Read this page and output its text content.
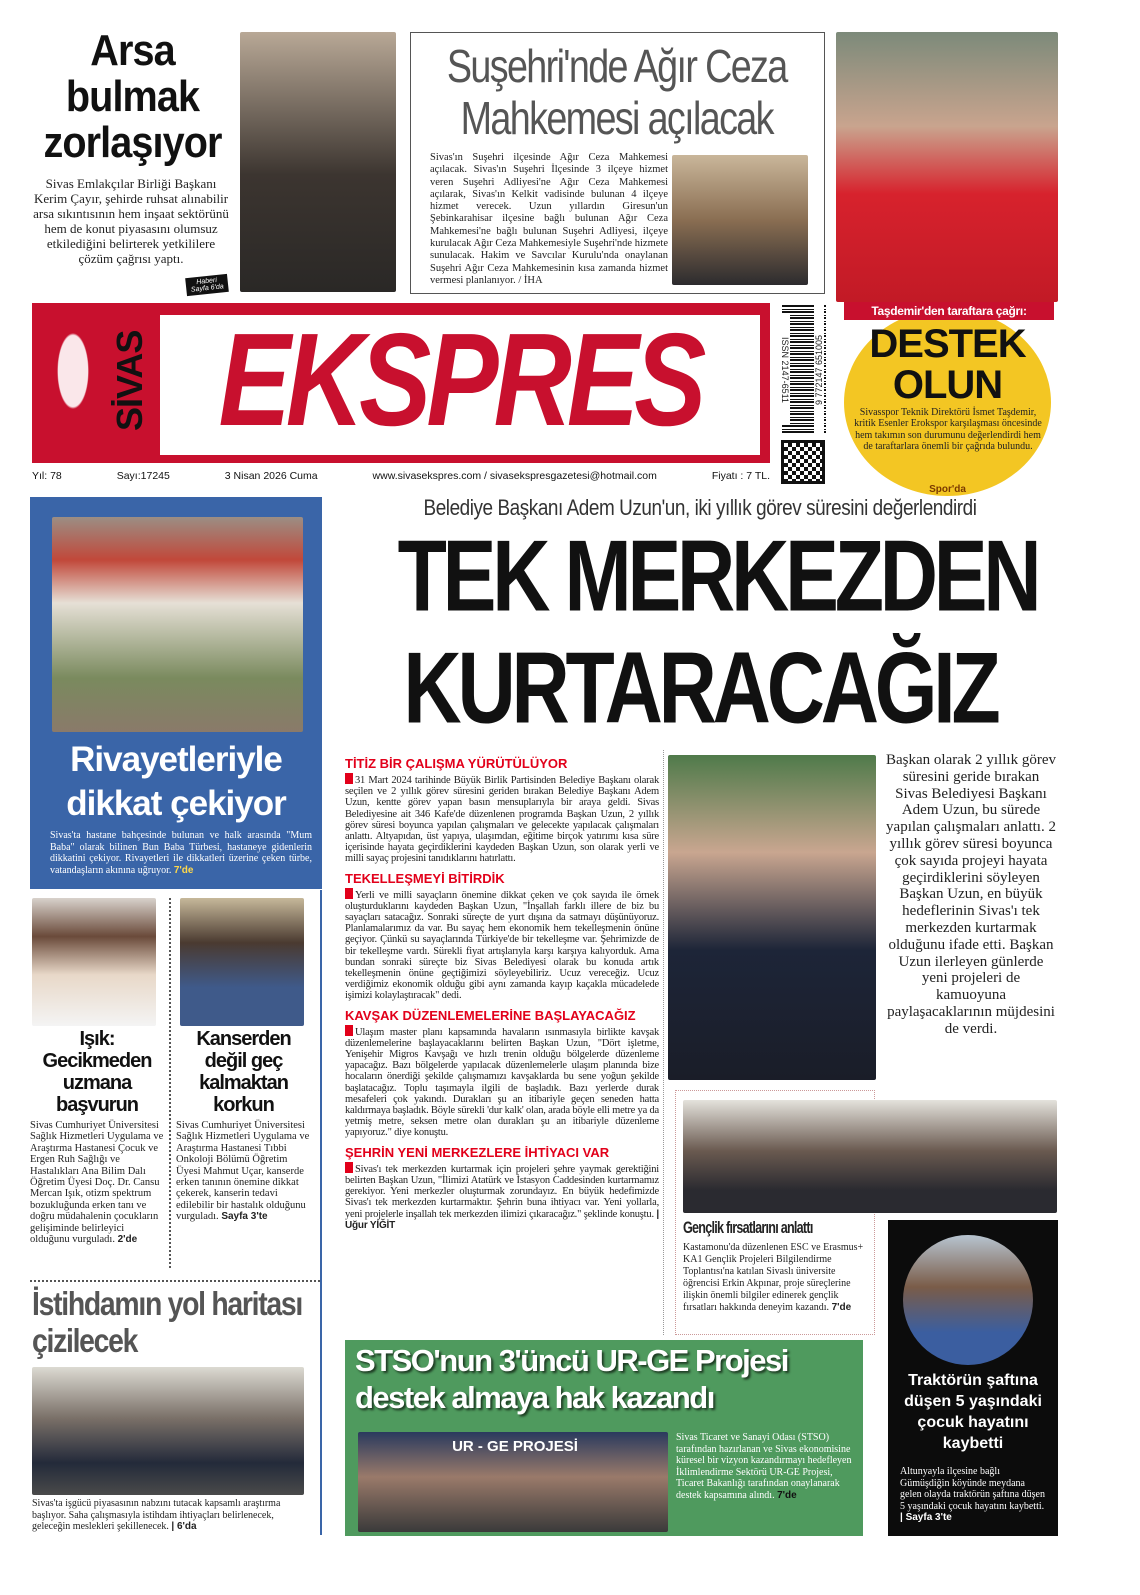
Arsa bulmak zorlaşıyor
Sivas Emlakçılar Birliği Başkanı Kerim Çayır, şehirde ruhsat alınabilir arsa sıkıntısının hem inşaat sektörünü hem de konut piyasasını olumsuz etkilediğini belirterek yetkililere çözüm çağrısı yaptı.
Haberi Sayfa 6'da
Suşehri'nde Ağır Ceza Mahkemesi açılacak
Sivas'ın Suşehri ilçesinde Ağır Ceza Mahkemesi açılacak. Sivas'ın Suşehri İlçesinde 3 ilçeye hizmet veren Suşehri Adliyesi'ne Ağır Ceza Mahkemesi açılarak, Sivas'ın Kelkit vadisinde bulunan 4 ilçeye hizmet verecek. Uzun yıllardın Giresun'un Şebinkarahisar ilçesine bağlı bulunan Ağır Ceza Mahkemesi'ne bağlı bulunan Suşehri Adliyesi, ilçeye kurulacak Ağır Ceza Mahkemesiyle Suşehri'nde hizmete sunulacak. Hakim ve Savcılar Kurulu'nda onaylanan Suşehri Ağır Ceza Mahkemesinin kısa zamanda hizmet vermesi planlanıyor. / İHA
Taşdemir'den taraftara çağrı:
DESTEK
OLUN
Sivasspor Teknik Direktörü İsmet Taşdemir, kritik Esenler Erokspor karşılaşması öncesinde hem takımın son durumunu değerlendirdi hem de taraftarlara önemli bir çağrıda bulundu.
Spor'da
SİVAS EKSPRES	ISSN 2147-6511	9 772147 651005
Yıl: 78	Sayı:17245	3 Nisan 2026 Cuma	www.sivasekspres.com / sivasekspresgazetesi@hotmail.com	Fiyatı : 7 TL.
Rivayetleriyle dikkat çekiyor
Sivas'ta hastane bahçesinde bulunan ve halk arasında "Mum Baba" olarak bilinen Bun Baba Türbesi, hastaneye gidenlerin dikkatini çekiyor. Rivayetleri ile dikkatleri üzerine çeken türbe, vatandaşların akınına uğruyor. 7'de
Işık: Gecikmeden uzmana başvurun
Sivas Cumhuriyet Üniversitesi Sağlık Hizmetleri Uygulama ve Araştırma Hastanesi Çocuk ve Ergen Ruh Sağlığı ve Hastalıkları Ana Bilim Dalı Öğretim Üyesi Doç. Dr. Cansu Mercan Işık, otizm spektrum bozukluğunda erken tanı ve doğru müdahalenin çocukların gelişiminde belirleyici olduğunu vurguladı. 2'de
Kanserden değil geç kalmaktan korkun
Sivas Cumhuriyet Üniversitesi Sağlık Hizmetleri Uygulama ve Araştırma Hastanesi Tıbbi Onkoloji Bölümü Öğretim Üyesi Mahmut Uçar, kanserde erken tanının önemine dikkat çekerek, kanserin tedavi edilebilir bir hastalık olduğunu vurguladı. Sayfa 3'te
İstihdamın yol haritası çizilecek
Sivas'ta işgücü piyasasının nabzını tutacak kapsamlı araştırma başlıyor. Saha çalışmasıyla istihdam ihtiyaçları belirlenecek, geleceğin meslekleri şekillenecek. | 6'da
Belediye Başkanı Adem Uzun'un, iki yıllık görev süresini değerlendirdi
TEK MERKEZDEN
KURTARACAĞIZ
TİTİZ BİR ÇALIŞMA YÜRÜTÜLÜYOR
31 Mart 2024 tarihinde Büyük Birlik Partisinden Belediye Başkanı olarak seçilen ve 2 yıllık görev süresini geriden bırakan Belediye Başkanı Adem Uzun, kentte görev yapan basın mensuplarıyla bir araya geldi. Sivas Belediyesine ait 346 Kafe'de düzenlenen programda Başkan Uzun, 2 yıllık görev süresi boyunca yapılan çalışmaları ve gelecekte yapılacak çalışmaları anlattı. Altyapıdan, üst yapıya, ulaşımdan, eğitime birçok yatırımı kısa süre içerisinde hayata geçirdiklerini kaydeden Başkan Uzun, son olarak yerli ve milli sayaç projesini tanıdıklarını hatırlattı.
TEKELLEŞMEYİ BİTİRDİK
Yerli ve milli sayaçların önemine dikkat çeken ve çok sayıda ile örnek oluşturduklarını kaydeden Başkan Uzun, "İnşallah farklı illere de biz bu sayaçları satacağız. Sonraki süreçte de yurt dışına da satmayı düşünüyoruz. Planlamalarımız da var. Bu sayaç hem ekonomik hem tekelleşmenin önüne geçiyor. Çünkü su sayaçlarında Türkiye'de bir tekelleşme var. Şehrimizde de bir tekelleşme vardı. Sürekli fiyat artışlarıyla karşı karşıya kalıyorduk. Ama bundan sonraki süreçte biz Sivas Belediyesi olarak bu konuda artık tekelleşmenin önüne geçtiğimizi söyleyebiliriz. Ucuz vereceğiz. Ucuz verdiğimiz ekonomik olduğu gibi aynı zamanda kayıp kaçakla mücadelede işimizi kolaylaştıracak" dedi.
KAVŞAK DÜZENLEMELERİNE BAŞLAYACAĞIZ
Ulaşım master planı kapsamında havaların ısınmasıyla birlikte kavşak düzenlemelerine başlayacaklarını belirten Başkan Uzun, "Dört işletme, Yenişehir Migros Kavşağı ve hızlı trenin olduğu bölgelerde düzenleme yapacağız. Bazı bölgelerde yapılacak düzenlemelerle ulaşım planında bize hocaların önerdiği şekilde çalışmamızı kavşaklarda bu sene yoğun şekilde başlatacağız. Toplu taşımayla ilgili de başladık. Bazı yerlerde durak mesafeleri çok yakındı. Durakları şu an itibariyle geçen seneden hatta kaldırmaya başladık. Böyle sürekli 'dur kalk' olan, arada böyle elli metre ya da yetmiş metre, seksen metre olan durakları şu an itibariyle düzenleme yapıyoruz." diye konuştu.
ŞEHRİN YENİ MERKEZLERE İHTİYACI VAR
Sivas'ı tek merkezden kurtarmak için projeleri şehre yaymak gerektiğini belirten Başkan Uzun, "İlimizi Atatürk ve İstasyon Caddesinden kurtarmamız gerekiyor. Yeni merkezler oluşturmak zorundayız. En büyük hedefimizde Sivas'ı tek merkezden kurtarmaktır. Şehrin buna ihtiyacı var. Yeni yollarla, yeni projelerle inşallah tek merkezden ilimizi çıkaracağız." şeklinde konuştu. | Uğur YİĞİT
Başkan olarak 2 yıllık görev süresini geride bırakan Sivas Belediyesi Başkanı Adem Uzun, bu sürede yapılan çalışmaları anlattı. 2 yıllık görev süresi boyunca çok sayıda projeyi hayata geçirdiklerini söyleyen Başkan Uzun, en büyük hedeflerinin Sivas'ı tek merkezden kurtarmak olduğunu ifade etti. Başkan Uzun ilerleyen günlerde yeni projeleri de kamuoyuna paylaşacaklarının müjdesini de verdi.
Gençlik fırsatlarını anlattı
Kastamonu'da düzenlenen ESC ve Erasmus+ KA1 Gençlik Projeleri Bilgilendirme Toplantısı'na katılan Sivaslı üniversite öğrencisi Erkin Akpınar, proje süreçlerine ilişkin önemli bilgiler edinerek gençlik fırsatları hakkında deneyim kazandı. 7'de
Traktörün şaftına düşen 5 yaşındaki çocuk hayatını kaybetti
Altunyayla ilçesine bağlı Gümüşdiğin köyünde meydana gelen olayda traktörün şaftına düşen 5 yaşındaki çocuk hayatını kaybetti. | Sayfa 3'te
STSO'nun 3'üncü UR-GE Projesi destek almaya hak kazandı
UR - GE PROJESİ
Sivas Ticaret ve Sanayi Odası (STSO) tarafından hazırlanan ve Sivas ekonomisine küresel bir vizyon kazandırmayı hedefleyen İklimlendirme Sektörü UR-GE Projesi, Ticaret Bakanlığı tarafından onaylanarak destek kapsamına alındı. 7'de
